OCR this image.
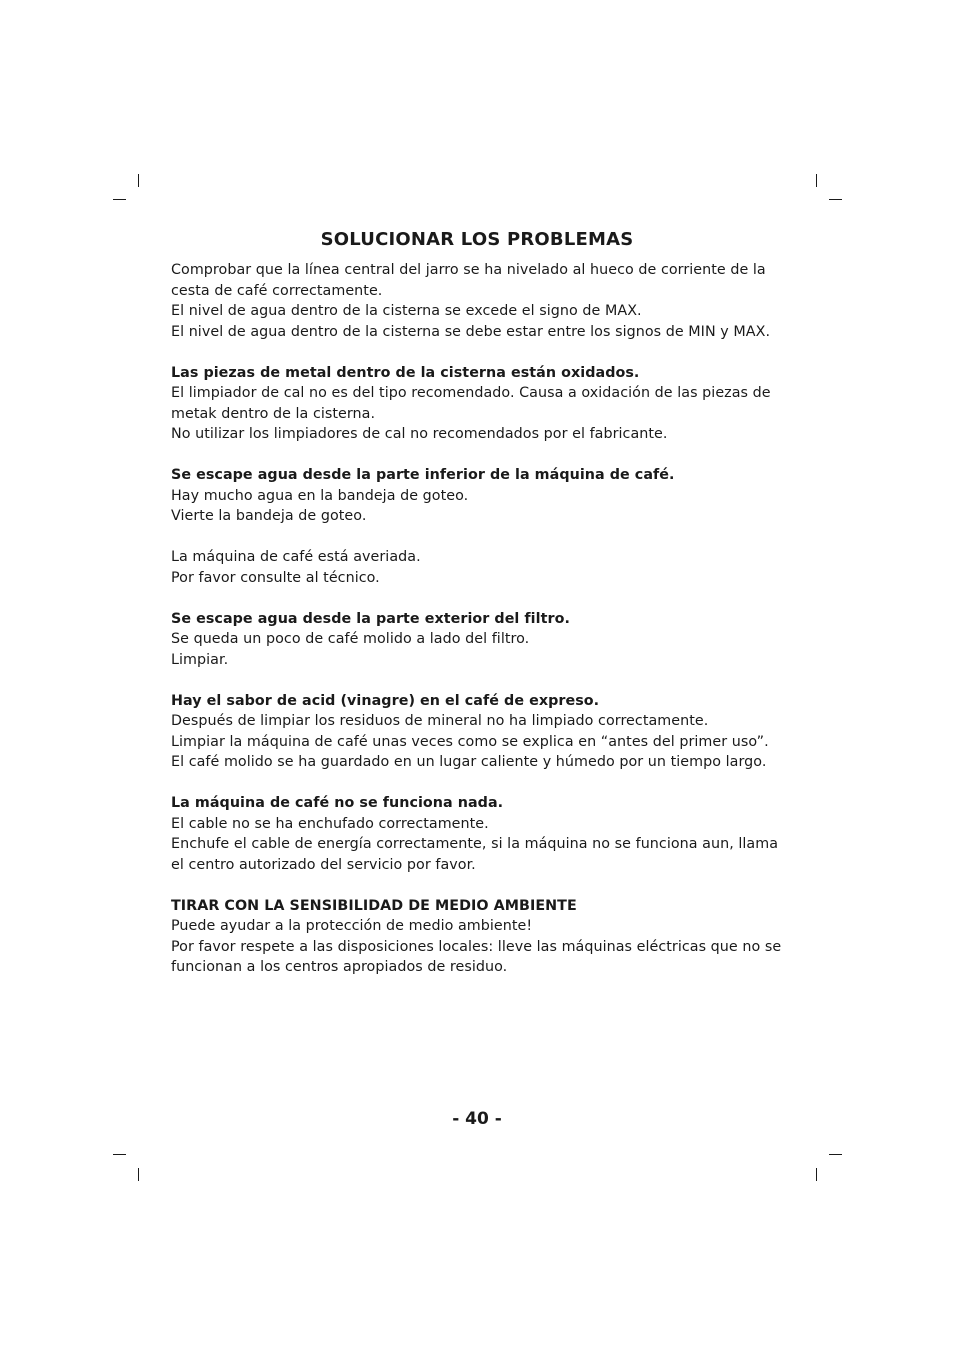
SOLUCIONAR LOS PROBLEMAS

Comprobar que la línea central del jarro se ha nivelado al hueco de corriente de la cesta de café correctamente.

El nivel de agua dentro de la cisterna se excede el signo de MAX.

El nivel de agua dentro de la cisterna se debe estar entre los signos de MIN y MAX.

Las piezas de metal dentro de la cisterna están oxidados.

El limpiador de cal no es del tipo recomendado. Causa a oxidación de las piezas de metak dentro de la cisterna.

No utilizar los limpiadores de cal no recomendados por el fabricante.

Se escape agua desde la parte inferior de la máquina de café.

Hay mucho agua en la bandeja de goteo.

Vierte la bandeja de goteo.

La máquina de café está averiada.

Por favor consulte al técnico.

Se escape agua desde la parte exterior del filtro.

Se queda un poco de café molido a lado del filtro.

Limpiar.

Hay el sabor de acid (vinagre) en el café de expreso.

Después de limpiar los residuos de mineral no ha limpiado correctamente.

Limpiar la máquina de café unas veces como se explica en “antes del primer uso”.

El café molido se ha guardado en un lugar caliente y húmedo por un tiempo largo.

La máquina de café no se funciona nada.

El cable no se ha enchufado correctamente.

Enchufe el cable de energía correctamente, si la máquina no se funciona aun, llama el centro autorizado del servicio por favor.

TIRAR CON LA SENSIBILIDAD DE MEDIO AMBIENTE

Puede ayudar a la protección de medio ambiente!

Por favor respete a las disposiciones locales: lleve las máquinas eléctricas que no se funcionan a los centros apropiados de residuo.

- 40 -
